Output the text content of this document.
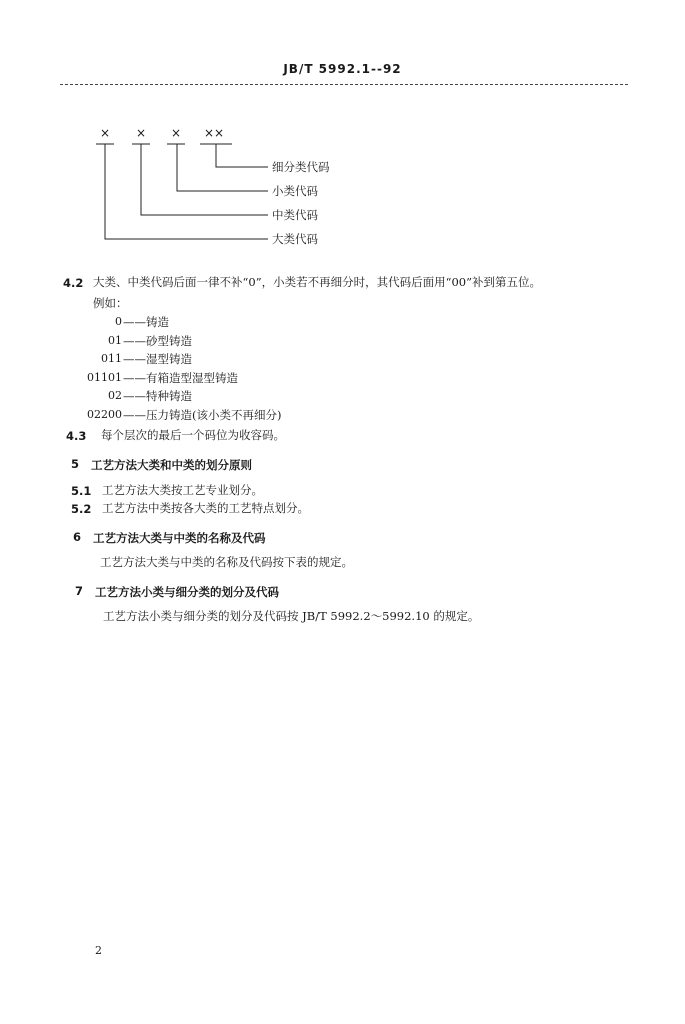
JB/T 5992.1--92
× × × ××
细分类代码
小类代码
中类代码
大类代码
4.2 大类、中类代码后面一律不补“0”，小类若不再细分时，其代码后面用“00”补到第五位。
例如：
0 ——铸造
01 ——砂型铸造
011 ——湿型铸造
01101 ——有箱造型湿型铸造
02 ——特种铸造
02200 ——压力铸造(该小类不再细分)
4.3 每个层次的最后一个码位为收容码。
5 工艺方法大类和中类的划分原则
5.1 工艺方法大类按工艺专业划分。
5.2 工艺方法中类按各大类的工艺特点划分。
6 工艺方法大类与中类的名称及代码
工艺方法大类与中类的名称及代码按下表的规定。
7 工艺方法小类与细分类的划分及代码
工艺方法小类与细分类的划分及代码按 JB/T 5992.2～5992.10 的规定。
2
